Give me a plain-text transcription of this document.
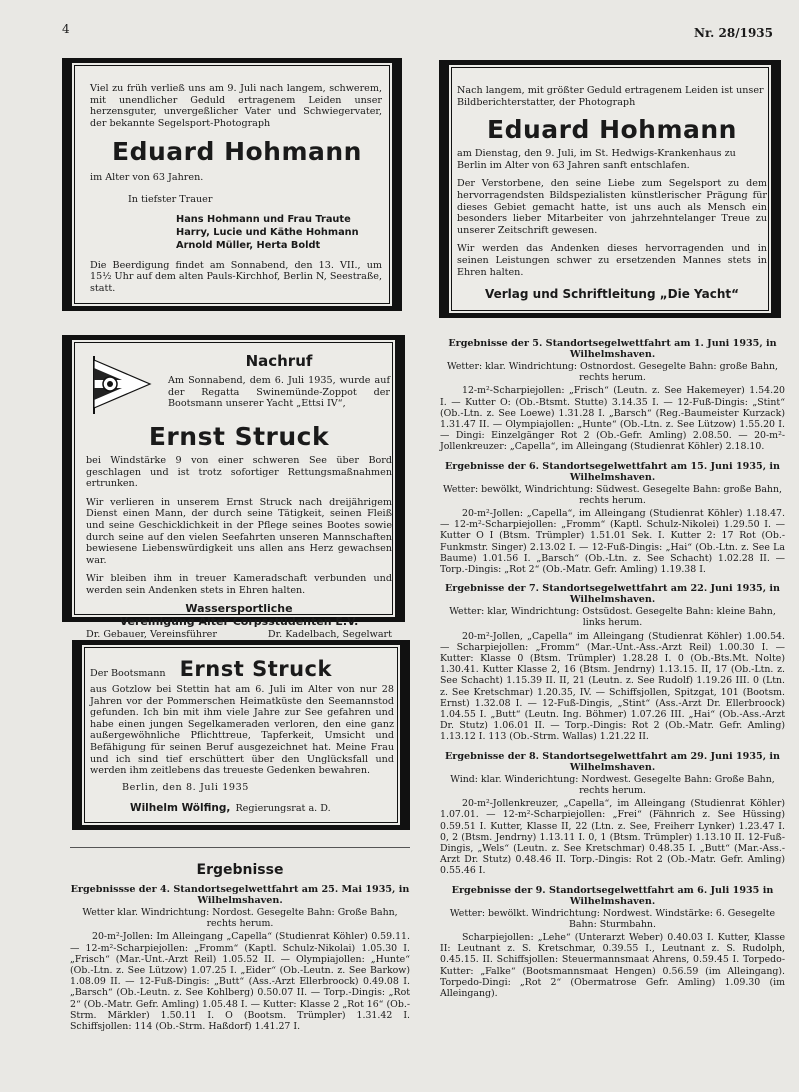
4	Nr. 28/1935

Viel zu früh verließ uns am 9. Juli nach langem, schwerem, mit unendlicher Geduld ertragenem Leiden unser herzensguter, unvergeßlicher Vater und Schwiegervater, der bekannte Segelsport-Photograph

Eduard Hohmann

im Alter von 63 Jahren.

In tiefster Trauer

Hans Hohmann und Frau Traute
Harry, Lucie und Käthe Hohmann
Arnold Müller, Herta Boldt

Die Beerdigung findet am Sonnabend, den 13. VII., um 15½ Uhr auf dem alten Pauls-Kirchhof, Berlin N, Seestraße, statt.

Nach langem, mit größter Geduld ertragenem Leiden ist unser Bildberichterstatter, der Photograph

Eduard Hohmann

am Dienstag, den 9. Juli, im St. Hedwigs-Krankenhaus zu Berlin im Alter von 63 Jahren sanft entschlafen.

Der Verstorbene, den seine Liebe zum Segelsport zu dem hervorragendsten Bildspezialisten künstlerischer Prägung für dieses Gebiet gemacht hatte, ist uns auch als Mensch ein besonders lieber Mitarbeiter von jahrzehntelanger Treue zu unserer Zeitschrift gewesen.

Wir werden das Andenken dieses hervorragenden und in seinen Leistungen schwer zu ersetzenden Mannes stets in Ehren halten.

Verlag und Schriftleitung „Die Yacht“
Nachruf

Am Sonnabend, dem 6. Juli 1935, wurde auf der Regatta Swinemünde-Zoppot der Bootsmann unserer Yacht „Ettsi IV“,

Ernst Struck

bei Windstärke 9 von einer schweren See über Bord geschlagen und ist trotz sofortiger Rettungsmaßnahmen ertrunken.

Wir verlieren in unserem Ernst Struck nach dreijährigem Dienst einen Mann, der durch seine Tätigkeit, seinen Fleiß und seine Geschicklichkeit in der Pflege seines Bootes sowie durch seine auf den vielen Seefahrten unseren Mannschaften bewiesene Liebenswürdigkeit uns allen ans Herz gewachsen war.

Wir bleiben ihm in treuer Kameradschaft verbunden und werden sein Andenken stets in Ehren halten.

Wassersportliche
Vereinigung Alter Corpsstudenten E.V.
Dr. Gebauer, Vereinsführer	Dr. Kadelbach, Segelwart
Der Bootsmann Ernst Struck

aus Gotzlow bei Stettin hat am 6. Juli im Alter von nur 28 Jahren vor der Pommerschen Heimatküste den Seemannstod gefunden. Ich bin mit ihm viele Jahre zur See gefahren und habe einen jungen Segelkameraden verloren, den eine ganz außergewöhnliche Pflichttreue, Tapferkeit, Umsicht und Befähigung für seinen Beruf ausgezeichnet hat. Meine Frau und ich sind tief erschüttert über den Unglücksfall und werden ihm zeitlebens das treueste Gedenken bewahren.

Berlin, den 8. Juli 1935

Wilhelm Wölfing, Regierungsrat a. D.
Ergebnisse
Ergebnissse der 4. Standortsegelwettfahrt am 25. Mai 1935, in Wilhelmshaven.
Wetter klar. Windrichtung: Nordost. Gesegelte Bahn: Große Bahn, rechts herum.

20-m²-Jollen: Im Alleingang „Capella“ (Studienrat Köhler) 0.59.11. — 12-m²-Scharpiejollen: „Fromm“ (Kaptl. Schulz-Nikolai) 1.05.30 I. „Frisch“ (Mar.-Unt.-Arzt Reil) 1.05.52 II. — Olympiajollen: „Hunte“ (Ob.-Ltn. z. See Lützow) 1.07.25 I. „Eider“ (Ob.-Leutn. z. See Barkow) 1.08.09 II. — 12-Fuß-Dingis: „Butt“ (Ass.-Arzt Ellerbroock) 0.49.08 I. „Barsch“ (Ob.-Leutn. z. See Kohlberg) 0.50.07 II. — Torp.-Dingis: „Rot 2“ (Ob.-Matr. Gefr. Amling) 1.05.48 I. — Kutter: Klasse 2 „Rot 16“ (Ob.-Strm. Märkler) 1.50.11 I. O (Bootsm. Trümpler) 1.31.42 I. Schiffsjollen: 114 (Ob.-Strm. Haßdorf) 1.41.27 I.

Ergebnisse der 5. Standortsegelwettfahrt am 1. Juni 1935, in Wilhelmshaven.
Wetter: klar. Windrichtung: Ostnordost. Gesegelte Bahn: große Bahn, rechts herum.

12-m²-Scharpiejollen: „Frisch“ (Leutn. z. See Hakemeyer) 1.54.20 I. — Kutter O: (Ob.-Btsmt. Stutte) 3.14.35 I. — 12-Fuß-Dingis: „Stint“ (Ob.-Ltn. z. See Loewe) 1.31.28 I. „Barsch“ (Reg.-Baumeister Kurzack) 1.31.47 II. — Olympiajollen: „Hunte“ (Ob.-Ltn. z. See Lützow) 1.55.20 I. — Dingi: Einzelgänger Rot 2 (Ob.-Gefr. Amling) 2.08.50. — 20-m²-Jollenkreuzer: „Capella“, im Alleingang (Studienrat Köhler) 2.18.10.

Ergebnisse der 6. Standortsegelwettfahrt am 15. Juni 1935, in Wilhelmshaven.
Wetter: bewölkt, Windrichtung: Südwest. Gesegelte Bahn: große Bahn, rechts herum.

20-m²-Jollen: „Capella“, im Alleingang (Studienrat Köhler) 1.18.47. — 12-m²-Scharpiejollen: „Fromm“ (Kaptl. Schulz-Nikolei) 1.29.50 I. — Kutter O I (Btsm. Trümpler) 1.51.01 Sek. I. Kutter 2: 17 Rot (Ob.-Funkmstr. Singer) 2.13.02 I. — 12-Fuß-Dingis: „Hai“ (Ob.-Ltn. z. See La Baume) 1.01.56 I. „Barsch“ (Ob.-Ltn. z. See Schacht) 1.02.28 II. — Torp.-Dingis: „Rot 2“ (Ob.-Matr. Gefr. Amling) 1.19.38 I.

Ergebnisse der 7. Standortsegelwettfahrt am 22. Juni 1935, in Wilhelmshaven.
Wetter: klar, Windrichtung: Ostsüdost. Gesegelte Bahn: kleine Bahn, links herum.

20-m²-Jollen, „Capella“ im Alleingang (Studienrat Köhler) 1.00.54. — Scharpiejollen: „Fromm“ (Mar.-Unt.-Ass.-Arzt Reil) 1.00.30 I. — Kutter: Klasse 0 (Btsm. Trümpler) 1.28.28 I. 0 (Ob.-Bts.Mt. Nolte) 1.30.41. Kutter Klasse 2, 16 (Btsm. Jendrny) 1.13.15. II, 17 (Ob.-Ltn. z. See Schacht) 1.15.39 II. II, 21 (Leutn. z. See Rudolf) 1.19.26 III. 0 (Ltn. z. See Kretschmar) 1.20.35, IV. — Schiffsjollen, Spitzgat, 101 (Bootsm. Ernst) 1.32.08 I. — 12-Fuß-Dingis, „Stint“ (Ass.-Arzt Dr. Ellerbroock) 1.04.55 I. „Butt“ (Leutn. Ing. Böhmer) 1.07.26 III. „Hai“ (Ob.-Ass.-Arzt Dr. Stutz) 1.06.01 II. — Torp.-Dingis: Rot 2 (Ob.-Matr. Gefr. Amling) 1.13.12 I. 113 (Ob.-Strm. Wallas) 1.21.22 II.

Ergebnisse der 8. Standortsegelwettfahrt am 29. Juni 1935, in Wilhelmshaven.
Wind: klar. Winderichtung: Nordwest. Gesegelte Bahn: Große Bahn, rechts herum.

20-m²-Jollenkreuzer, „Capella“, im Alleingang (Studienrat Köhler) 1.07.01. — 12-m²-Scharpiejollen: „Frei“ (Fähnrich z. See Hüssing) 0.59.51 I. Kutter, Klasse II, 22 (Ltn. z. See, Freiherr Lynker) 1.23.47 I. 0, 2 (Btsm. Jendrny) 1.13.11 I. 0, 1 (Btsm. Trümpler) 1.13.10 II. 12-Fuß-Dingis, „Wels“ (Leutn. z. See Kretschmar) 0.48.35 I. „Butt“ (Mar.-Ass.-Arzt Dr. Stutz) 0.48.46 II. Torp.-Dingis: Rot 2 (Ob.-Matr. Gefr. Amling) 0.55.46 I.

Ergebnisse der 9. Standortsegelwettfahrt am 6. Juli 1935 in Wilhelmshaven.
Wetter: bewölkt. Windrichtung: Nordwest. Windstärke: 6. Gesegelte Bahn: Sturmbahn.

Scharpiejollen: „Lehe“ (Unterarzt Weber) 0.40.03 I. Kutter, Klasse II: Leutnant z. S. Kretschmar, 0.39.55 I., Leutnant z. S. Rudolph, 0.45.15. II. Schiffsjollen: Steuermannsmaat Ahrens, 0.59.45 I. Torpedo-Kutter: „Falke“ (Bootsmannsmaat Hengen) 0.56.59 (im Alleingang). Torpedo-Dingi: „Rot 2“ (Obermatrose Gefr. Amling) 1.09.30 (im Alleingang).
